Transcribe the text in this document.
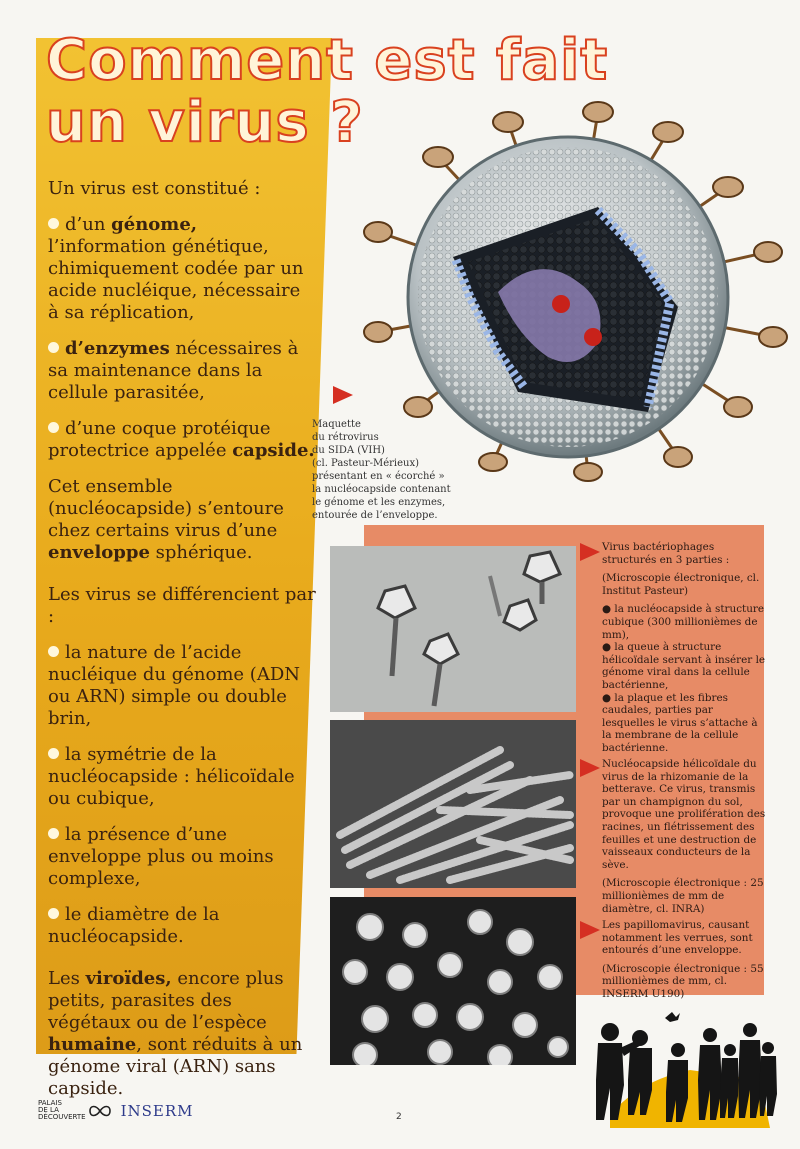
Comment est fait
un virus ?

Un virus est constitué :

d’un génome, l’information génétique, chimiquement codée par un acide nucléique, nécessaire à sa réplication,

d’enzymes nécessaires à sa maintenance dans la cellule parasitée,

d’une coque protéique protectrice appelée capside.

Cet ensemble (nucléocapside) s’entoure chez certains virus d’une enveloppe sphérique.

Les virus se différencient par :

la nature de l’acide nucléique du génome (ADN ou ARN) simple ou double brin,

la symétrie de la nucléocapside : hélicoïdale ou cubique,

la présence d’une enveloppe plus ou moins complexe,

le diamètre de la nucléocapside.

Les viroïdes, encore plus petits, parasites des végétaux ou de l’espèce humaine, sont réduits à un génome viral (ARN) sans capside.

Maquette
du rétrovirus
du SIDA (VIH)
(cl. Pasteur-Mérieux)
présentant en « écorché »
la nucléocapside contenant
le génome et les enzymes,
entourée de l’enveloppe.

Virus bactériophages structurés en 3 parties :

(Microscopie électronique, cl. Institut Pasteur)

● la nucléocapside à structure cubique (300 millionièmes de mm),

● la queue à structure hélicoïdale servant à insérer le génome viral dans la cellule bactérienne,

● la plaque et les fibres caudales, parties par lesquelles le virus s’attache à la membrane de la cellule bactérienne.

Nucléocapside hélicoïdale du virus de la rhizomanie de la betterave. Ce virus, transmis par un champignon du sol, provoque une prolifération des racines, un flétrissement des feuilles et une destruction de vaisseaux conducteurs de la sève.

(Microscopie électronique : 25 millionièmes de mm de diamètre, cl. INRA)

Les papillomavirus, causant notamment les verrues, sont entourés d’une enveloppe.

(Microscopie électronique : 55 millionièmes de mm, cl. INSERM U190)

PALAIS
DE LA
DÉCOUVERTE INSERM	2
